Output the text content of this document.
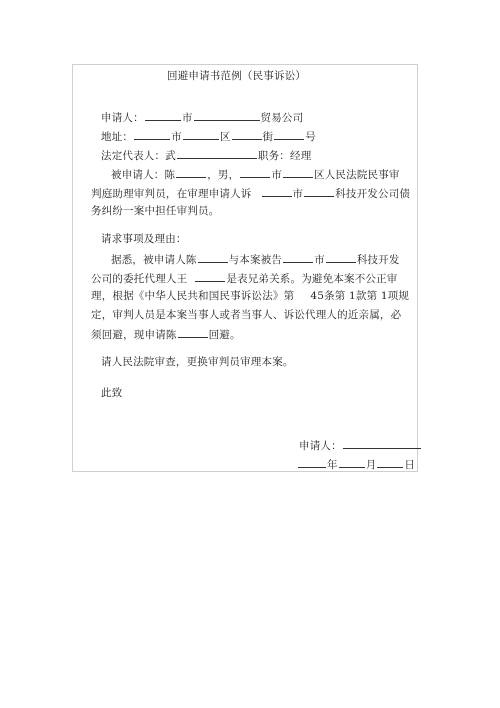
回避申请书范例（民事诉讼）
申请人：	市	贸易公司
地址：	市	区	街	号
法定代表人：武	职务：经理
被申请人：陈	，男，	市	区人民法院民事审
判庭助理审判员，在审理申请人诉	市	科技开发公司债
务纠纷一案中担任审判员。
请求事项及理由：
据悉，被申请人陈	与本案被告	市	科技开发
公司的委托代理人王	是表兄弟关系。为避免本案不公正审
理，根据《中华人民共和国民事诉讼法》第 45条第 1款第 1项规
定，审判人员是本案当事人或者当事人、诉讼代理人的近亲属，必
须回避，现申请陈	回避。
请人民法院审查，更换审判员审理本案。
此致
申请人：
年	月	日
